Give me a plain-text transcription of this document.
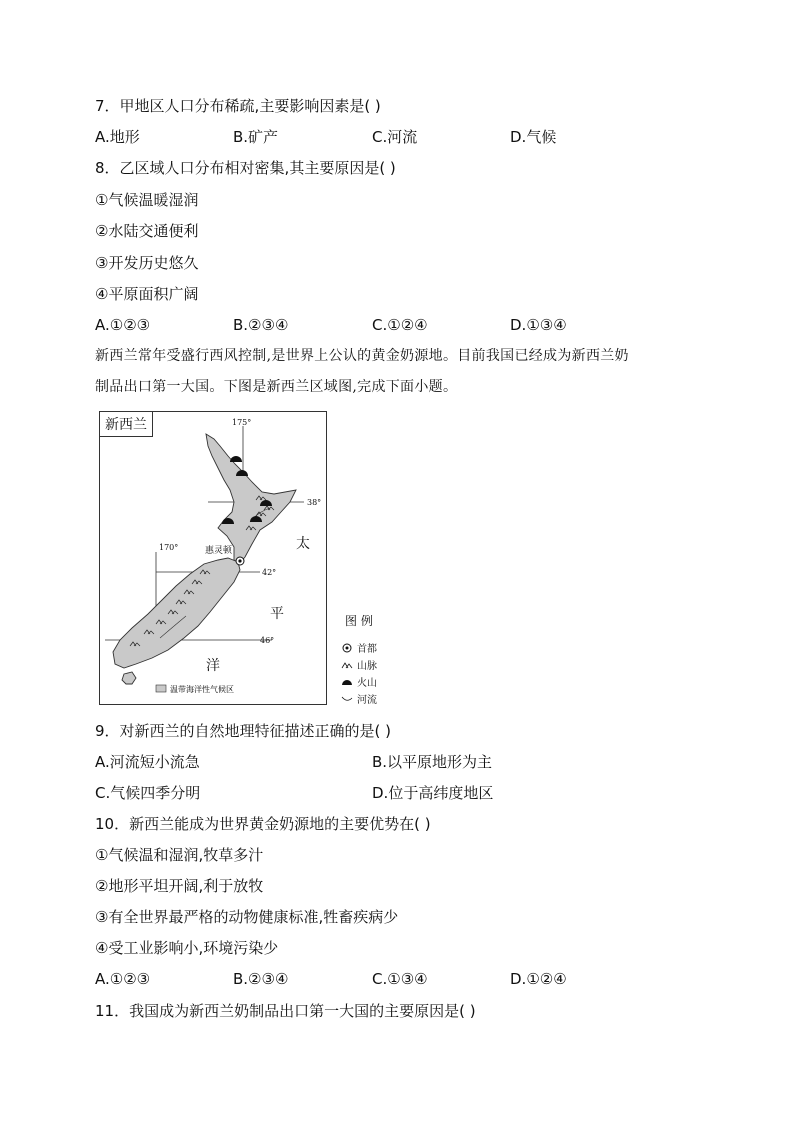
7．甲地区人口分布稀疏,主要影响因素是( )
A.地形	B.矿产	C.河流	D.气候
8．乙区域人口分布相对密集,其主要原因是( )
①气候温暖湿润
②水陆交通便利
③开发历史悠久
④平原面积广阔
A.①②③	B.②③④	C.①②④	D.①③④
新西兰常年受盛行西风控制,是世界上公认的黄金奶源地。目前我国已经成为新西兰奶
制品出口第一大国。下图是新西兰区域图,完成下面小题。
175°
38°
170°
42°
46°
惠灵顿	太
平
洋
温带海洋性气候区
新西兰
图 例
首都
山脉
火山
河流
9．对新西兰的自然地理特征描述正确的是( )
A.河流短小流急	B.以平原地形为主
C.气候四季分明	D.位于高纬度地区
10．新西兰能成为世界黄金奶源地的主要优势在( )
①气候温和湿润,牧草多汁
②地形平坦开阔,利于放牧
③有全世界最严格的动物健康标准,牲畜疾病少
④受工业影响小,环境污染少
A.①②③	B.②③④	C.①③④	D.①②④
11．我国成为新西兰奶制品出口第一大国的主要原因是( )
